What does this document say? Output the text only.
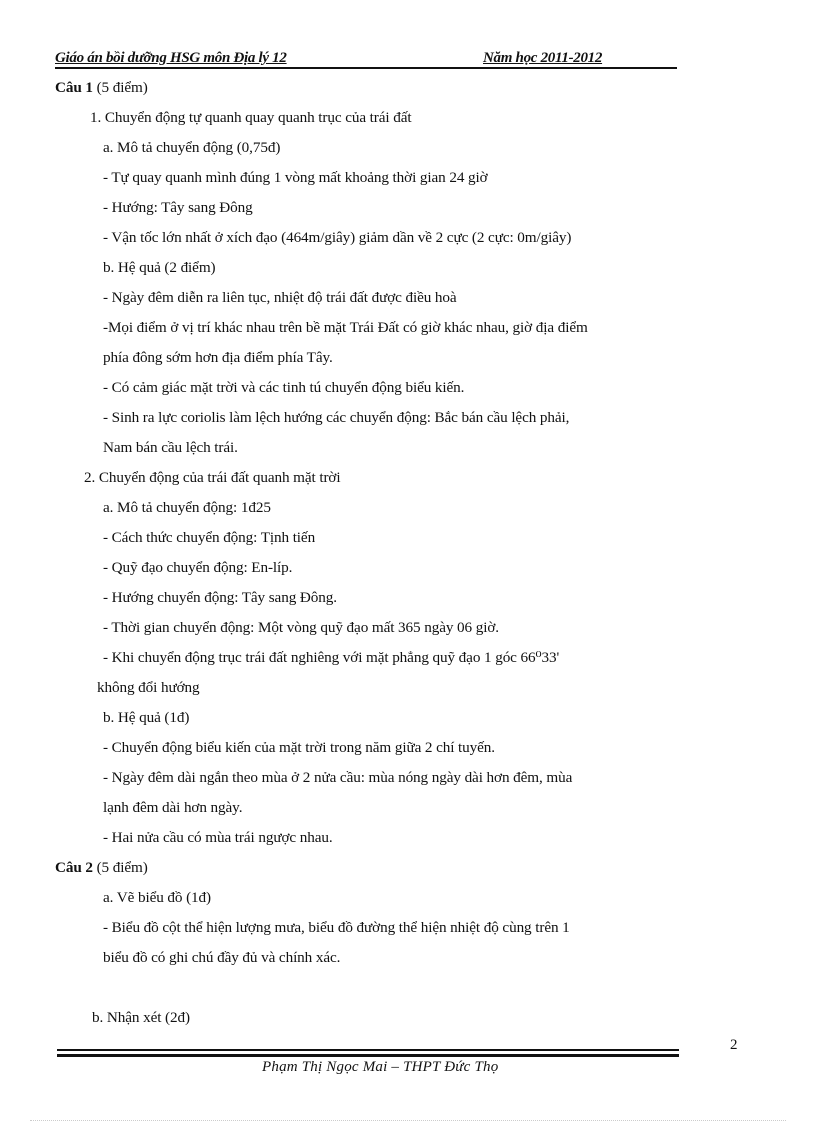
Giáo án bồi dưỡng HSG môn Địa lý 12	Năm học 2011-2012
Câu 1 (5 điểm)
1. Chuyển động tự quanh quay quanh trục của trái đất
a. Mô tả chuyển động (0,75đ)
- Tự quay quanh mình đúng 1 vòng mất khoảng thời gian 24 giờ
- Hướng: Tây sang Đông
- Vận tốc lớn nhất ở xích đạo (464m/giây) giảm dần về 2 cực (2 cực: 0m/giây)
b. Hệ quả (2 điểm)
- Ngày đêm diễn ra liên tục, nhiệt độ trái đất được điều hoà
-Mọi điểm ở vị trí khác nhau trên bề mặt Trái Đất có giờ khác nhau, giờ địa điểm
phía đông sớm hơn địa điểm phía Tây.
- Có cảm giác mặt trời và các tinh tú chuyển động biểu kiến.
- Sinh ra lực coriolis làm lệch hướng các chuyển động: Bắc bán cầu lệch phải,
Nam bán cầu lệch trái.
2. Chuyển động của trái đất quanh mặt trời
a. Mô tả chuyển động: 1đ25
- Cách thức chuyển động: Tịnh tiến
- Quỹ đạo chuyển động: En-líp.
- Hướng chuyển động: Tây sang Đông.
- Thời gian chuyển động: Một vòng quỹ đạo mất 365 ngày 06 giờ.
- Khi chuyển động trục trái đất nghiêng với mặt phẳng quỹ đạo 1 góc 66⁰33'
không đổi hướng
b. Hệ quả (1đ)
- Chuyển động biểu kiến của mặt trời trong năm giữa 2 chí tuyến.
- Ngày đêm dài ngắn theo mùa ở 2 nửa cầu: mùa nóng ngày dài hơn đêm, mùa
lạnh đêm dài hơn ngày.
- Hai nửa cầu có mùa trái ngược nhau.
Câu 2 (5 điểm)
a. Vẽ biểu đồ (1đ)
- Biểu đồ cột thể hiện lượng mưa, biểu đồ đường thể hiện nhiệt độ cùng trên 1
biểu đồ có ghi chú đầy đủ và chính xác.
b. Nhận xét (2đ)
2
Phạm Thị Ngọc Mai – THPT Đức Thọ
